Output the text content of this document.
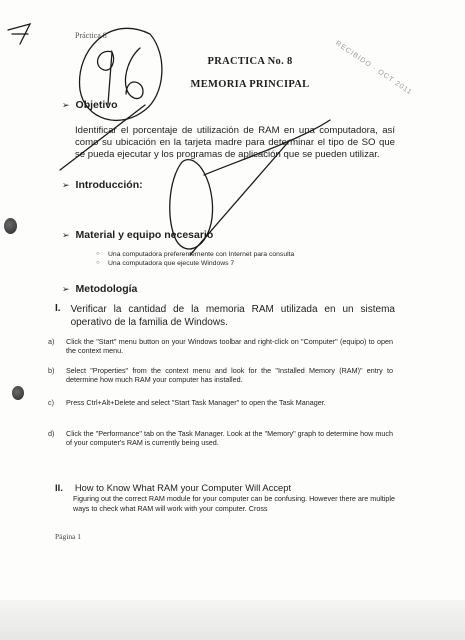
RECIBIDO · OCT 2011
Práctica 8
PRACTICA No. 8
MEMORIA PRINCIPAL
➢ Objetivo
Identificar el porcentaje de utilización de RAM en una computadora, así como su ubicación en la tarjeta madre para determinar el tipo de SO que se pueda ejecutar y los programas de aplicación que se pueden utilizar.
➢ Introducción:
➢ Material y equipo necesario
○ Una computadora preferentemente con Internet para consulta
○ Una computadora que ejecute Windows 7
➢ Metodología
I. Verificar la cantidad de la memoria RAM utilizada en un sistema operativo de la familia de Windows.
a)	Click the "Start" menu button on your Windows toolbar and right-click on "Computer" (equipo) to open the context menu.
b)	Select "Properties" from the context menu and look for the "Installed Memory (RAM)" entry to determine how much RAM your computer has installed.
c)	Press Ctrl+Alt+Delete and select "Start Task Manager" to open the Task Manager.
d)	Click the "Performance" tab on the Task Manager. Look at the "Memory" graph to determine how much of your computer's RAM is currently being used.
II. How to Know What RAM your Computer Will Accept
Figuring out the correct RAM module for your computer can be confusing. However there are multiple ways to check what RAM will work with your computer. Cross
Página 1
